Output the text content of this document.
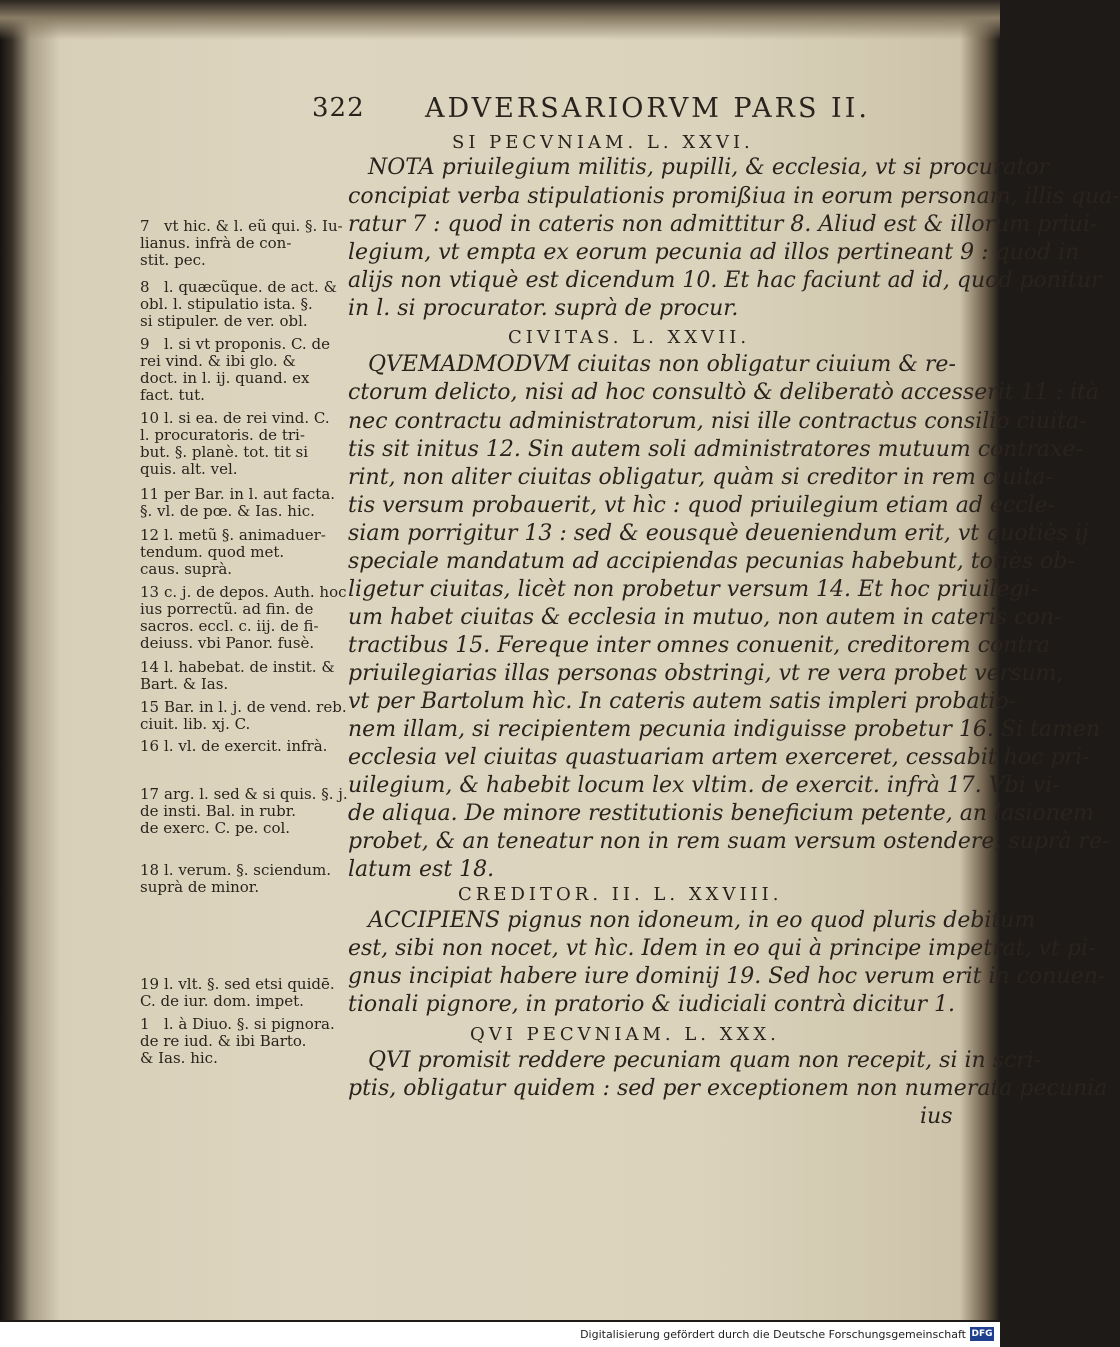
322 ADVERSARIORVM PARS II.
SI PECVNIAM. L. XXVI.
CIVITAS. L. XXVII.
CREDITOR. II. L. XXVIII.
QVI PECVNIAM. L. XXX.
NOTA priuilegium militis, pupilli, & ecclesia, vt si procurator
concipiat verba stipulationis promißiua in eorum personam, illis qua-
ratur 7 : quod in cateris non admittitur 8. Aliud est & illorum priui-
legium, vt empta ex eorum pecunia ad illos pertineant 9 : quod in
alijs non vtiquè est dicendum 10. Et hac faciunt ad id, quod ponitur
in l. si procurator. suprà de procur.
QVEMADMODVM ciuitas non obligatur ciuium & re-
ctorum delicto, nisi ad hoc consultò & deliberatò accesserit 11 : ità
nec contractu administratorum, nisi ille contractus consilio ciuita-
tis sit initus 12. Sin autem soli administratores mutuum contraxe-
rint, non aliter ciuitas obligatur, quàm si creditor in rem ciuita-
tis versum probauerit, vt hìc : quod priuilegium etiam ad eccle-
siam porrigitur 13 : sed & eousquè deueniendum erit, vt quotiès ij
speciale mandatum ad accipiendas pecunias habebunt, totiès ob-
ligetur ciuitas, licèt non probetur versum 14. Et hoc priuilegi-
um habet ciuitas & ecclesia in mutuo, non autem in cateris con-
tractibus 15. Fereque inter omnes conuenit, creditorem contra
priuilegiarias illas personas obstringi, vt re vera probet versum,
vt per Bartolum hìc. In cateris autem satis impleri probatio-
nem illam, si recipientem pecunia indiguisse probetur 16. Si tamen
ecclesia vel ciuitas quastuariam artem exerceret, cessabit hoc pri-
uilegium, & habebit locum lex vltim. de exercit. infrà 17. Vbi vi-
de aliqua. De minore restitutionis beneficium petente, an lasionem
probet, & an teneatur non in rem suam versum ostendere, suprà re-
latum est 18.
ACCIPIENS pignus non idoneum, in eo quod pluris debitum
est, sibi non nocet, vt hìc. Idem in eo qui à principe impetrat, vt pi-
gnus incipiat habere iure dominij 19. Sed hoc verum erit in conuen-
tionali pignore, in pratorio & iudiciali contrà dicitur 1.
QVI promisit reddere pecuniam quam non recepit, si in scri-
ptis, obligatur quidem : sed per exceptionem non numerata pecunia
ius
7 vt hic. & l. eũ qui. §. Iu-
lianus. infrà de con-
stit. pec.
8 l. quæcũque. de act. &
obl. l. stipulatio ista. §.
si stipuler. de ver. obl.
9 l. si vt proponis. C. de
rei vind. & ibi glo. &
doct. in l. ij. quand. ex
fact. tut.
10 l. si ea. de rei vind. C.
l. procuratoris. de tri-
but. §. planè. tot. tit si
quis. alt. vel.
11 per Bar. in l. aut facta.
§. vl. de pœ. & Ias. hic.
12 l. metũ §. animaduer-
tendum. quod met.
caus. suprà.
13 c. j. de depos. Auth. hoc
ius porrectũ. ad fin. de
sacros. eccl. c. iij. de fi-
deiuss. vbi Panor. fusè.
14 l. habebat. de instit. &
Bart. & Ias.
15 Bar. in l. j. de vend. reb.
ciuit. lib. xj. C.
16 l. vl. de exercit. infrà.
17 arg. l. sed & si quis. §. j.
de insti. Bal. in rubr.
de exerc. C. pe. col.
18 l. verum. §. sciendum.
suprà de minor.
19 l. vlt. §. sed etsi quidē.
C. de iur. dom. impet.
1 l. à Diuo. §. si pignora.
de re iud. & ibi Barto.
& Ias. hic.
Digitalisierung gefördert durch die Deutsche Forschungsgemeinschaft DFG
